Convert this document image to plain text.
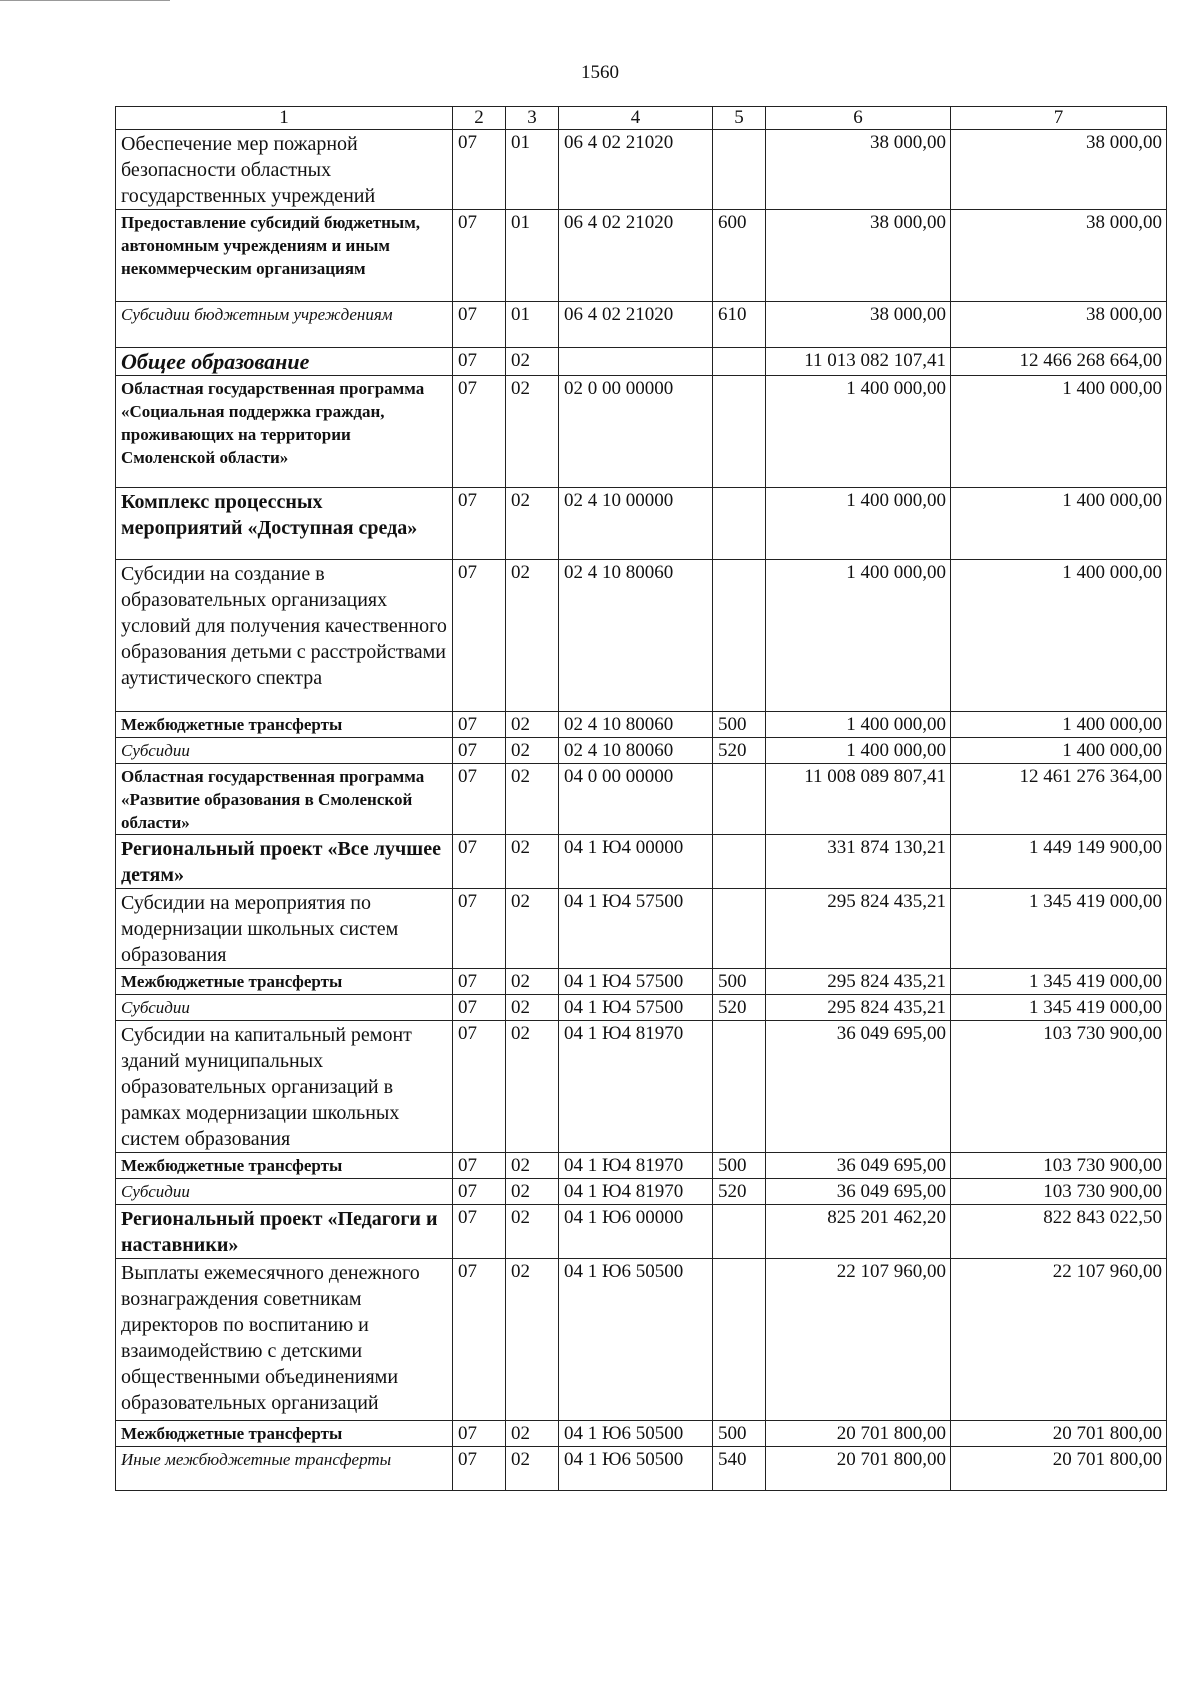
1560
1	2	3	4	5	6	7
Обеспечение мер пожарной безопасности областных государственных учреждений	07	01	06 4 02 21020		38 000,00	38 000,00
Предоставление субсидий бюджетным, автономным учреждениям и иным некоммерческим организациям	07	01	06 4 02 21020	600	38 000,00	38 000,00
Субсидии бюджетным учреждениям	07	01	06 4 02 21020	610	38 000,00	38 000,00
Общее образование	07	02			11 013 082 107,41	12 466 268 664,00
Областная государственная программа «Социальная поддержка граждан, проживающих на территории Смоленской области»	07	02	02 0 00 00000		1 400 000,00	1 400 000,00
Комплекс процессных мероприятий «Доступная среда»	07	02	02 4 10 00000		1 400 000,00	1 400 000,00
Субсидии на создание в образовательных организациях условий для получения качественного образования детьми с расстройствами аутистического спектра	07	02	02 4 10 80060		1 400 000,00	1 400 000,00
Межбюджетные трансферты	07	02	02 4 10 80060	500	1 400 000,00	1 400 000,00
Субсидии	07	02	02 4 10 80060	520	1 400 000,00	1 400 000,00
Областная государственная программа «Развитие образования в Смоленской области»	07	02	04 0 00 00000		11 008 089 807,41	12 461 276 364,00
Региональный проект «Все лучшее детям»	07	02	04 1 Ю4 00000		331 874 130,21	1 449 149 900,00
Субсидии на мероприятия по модернизации школьных систем образования	07	02	04 1 Ю4 57500		295 824 435,21	1 345 419 000,00
Межбюджетные трансферты	07	02	04 1 Ю4 57500	500	295 824 435,21	1 345 419 000,00
Субсидии	07	02	04 1 Ю4 57500	520	295 824 435,21	1 345 419 000,00
Субсидии на капитальный ремонт зданий муниципальных образовательных организаций в рамках модернизации школьных систем образования	07	02	04 1 Ю4 81970		36 049 695,00	103 730 900,00
Межбюджетные трансферты	07	02	04 1 Ю4 81970	500	36 049 695,00	103 730 900,00
Субсидии	07	02	04 1 Ю4 81970	520	36 049 695,00	103 730 900,00
Региональный проект «Педагоги и наставники»	07	02	04 1 Ю6 00000		825 201 462,20	822 843 022,50
Выплаты ежемесячного денежного вознаграждения советникам директоров по воспитанию и взаимодействию с детскими общественными объединениями образовательных организаций	07	02	04 1 Ю6 50500		22 107 960,00	22 107 960,00
Межбюджетные трансферты	07	02	04 1 Ю6 50500	500	20 701 800,00	20 701 800,00
Иные межбюджетные трансферты	07	02	04 1 Ю6 50500	540	20 701 800,00	20 701 800,00
